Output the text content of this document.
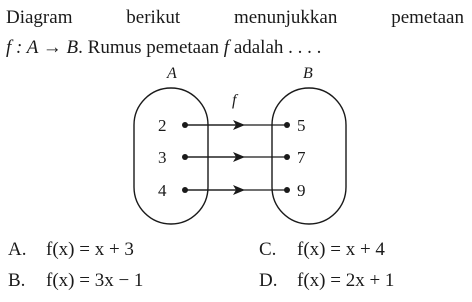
Diagram	berikut	menunjukkan	pemetaan
f : A → B. Rumus pemetaan f adalah . . . .
A	B
f
2
3
4
5
7
9
A. f(x) = x + 3
B. f(x) = 3x − 1
C. f(x) = x + 4
D. f(x) = 2x + 1
